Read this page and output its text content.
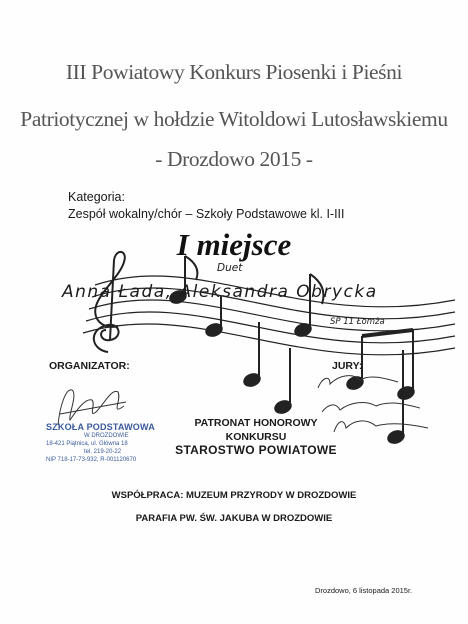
III Powiatowy Konkurs Piosenki i Pieśni
Patriotycznej w hołdzie Witoldowi Lutosławskiemu
- Drozdowo 2015 -
Kategoria:
Zespół wokalny/chór – Szkoły Podstawowe kl. I-III
I miejsce
Duet
Anna Łada, Aleksandra Obrycka
SP 11 Łomża
ORGANIZATOR:	JURY:
SZKOŁA PODSTAWOWA
W DROZDOWIE
18-421 Piątnica, ul. Główna 18
tel. 219-20-22
NIP 718-17-73-932, R-001120670
PATRONAT HONOROWY
KONKURSU
STAROSTWO POWIATOWE
WSPÓŁPRACA: MUZEUM PRZYRODY W DROZDOWIE
PARAFIA PW. ŚW. JAKUBA W DROZDOWIE
Drozdowo, 6 listopada 2015r.
